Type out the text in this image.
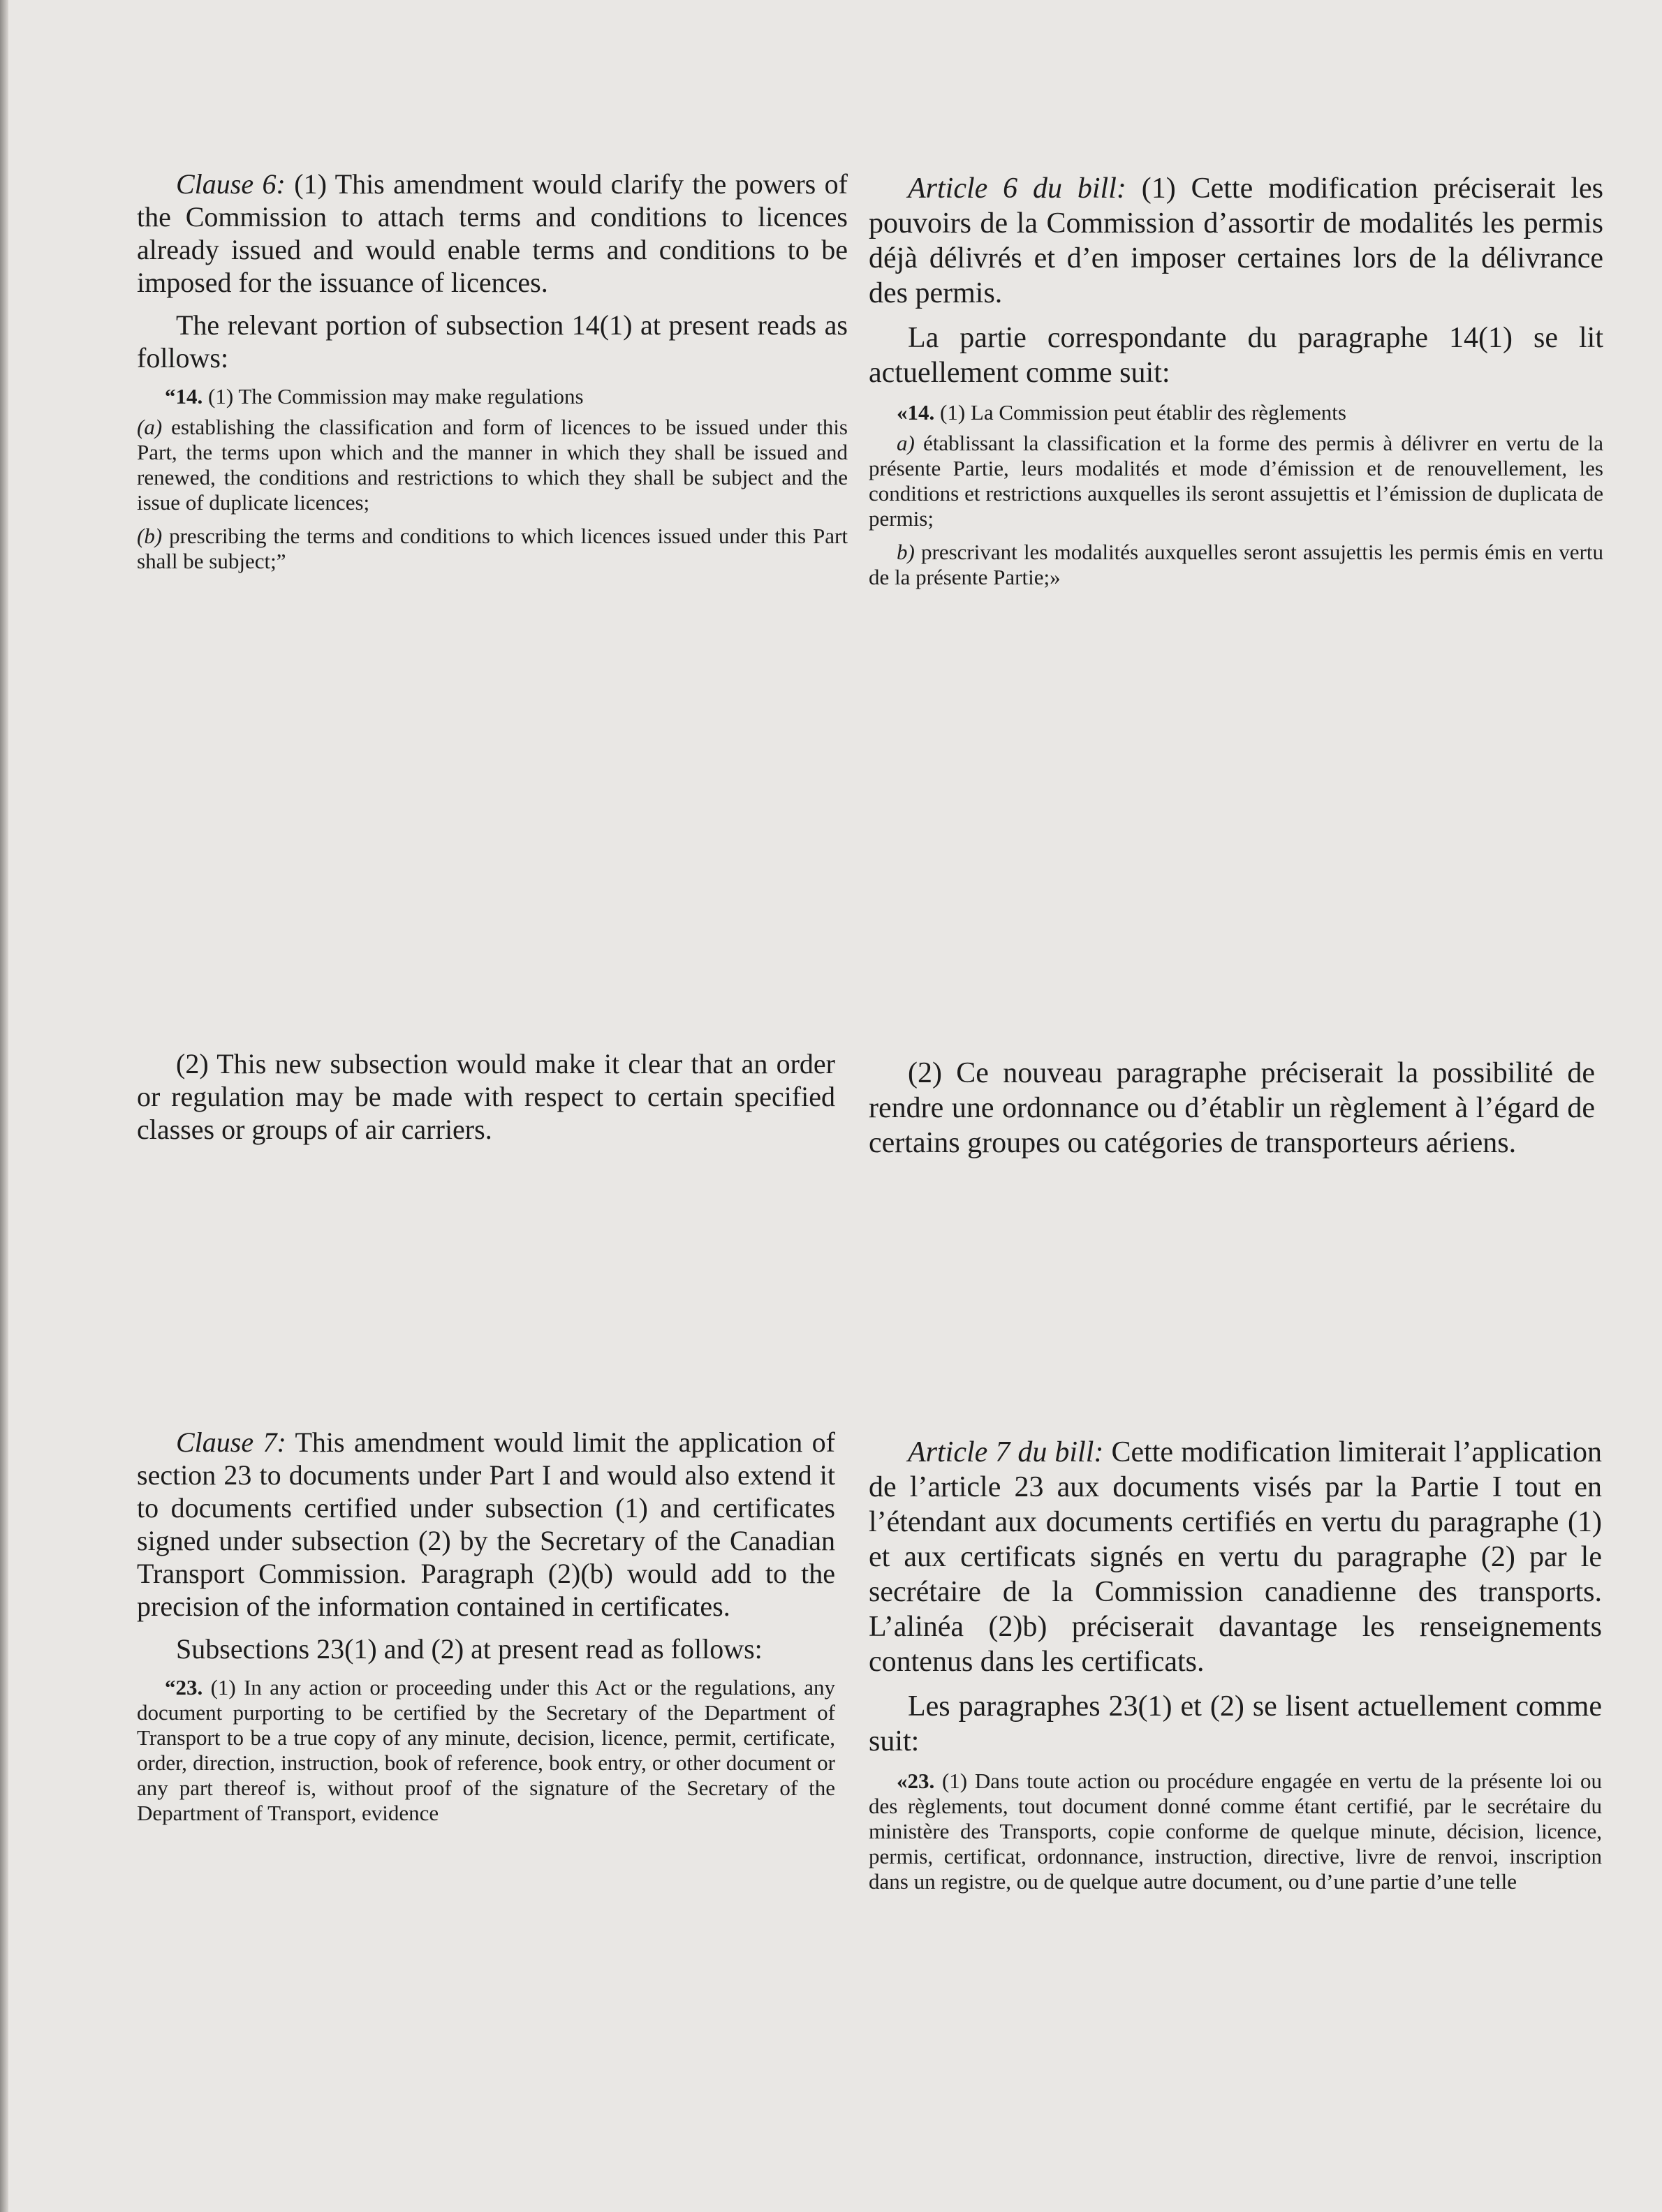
Clause 6: (1) This amendment would clarify the powers of the Commission to attach terms and conditions to licences already issued and would enable terms and conditions to be imposed for the issuance of licences.

The relevant portion of subsection 14(1) at present reads as follows:

“14. (1) The Commission may make regulations

(a) establishing the classification and form of licences to be issued under this Part, the terms upon which and the manner in which they shall be issued and renewed, the conditions and restrictions to which they shall be subject and the issue of duplicate licences;

(b) prescribing the terms and conditions to which licences issued under this Part shall be subject;”

Article 6 du bill: (1) Cette modification préciserait les pouvoirs de la Commission d’assortir de modalités les permis déjà délivrés et d’en imposer certaines lors de la délivrance des permis.

La partie correspondante du paragraphe 14(1) se lit actuellement comme suit:

«14. (1) La Commission peut établir des règlements

a) établissant la classification et la forme des permis à délivrer en vertu de la présente Partie, leurs modalités et mode d’émission et de renouvellement, les conditions et restrictions auxquelles ils seront assujettis et l’émission de duplicata de permis;

b) prescrivant les modalités auxquelles seront assujettis les permis émis en vertu de la présente Partie;»

(2) This new subsection would make it clear that an order or regulation may be made with respect to certain specified classes or groups of air carriers.

(2) Ce nouveau paragraphe préciserait la possibilité de rendre une ordonnance ou d’établir un règlement à l’égard de certains groupes ou catégories de transporteurs aériens.

Clause 7: This amendment would limit the application of section 23 to documents under Part I and would also extend it to documents certified under subsection (1) and certificates signed under subsection (2) by the Secretary of the Canadian Transport Commission. Paragraph (2)(b) would add to the precision of the information contained in certificates.

Subsections 23(1) and (2) at present read as follows:

“23. (1) In any action or proceeding under this Act or the regulations, any document purporting to be certified by the Secretary of the Department of Transport to be a true copy of any minute, decision, licence, permit, certificate, order, direction, instruction, book of reference, book entry, or other document or any part thereof is, without proof of the signature of the Secretary of the Department of Transport, evidence

Article 7 du bill: Cette modification limiterait l’application de l’article 23 aux documents visés par la Partie I tout en l’étendant aux documents certifiés en vertu du paragraphe (1) et aux certificats signés en vertu du paragraphe (2) par le secrétaire de la Commission canadienne des transports. L’alinéa (2)b) préciserait davantage les renseignements contenus dans les certificats.

Les paragraphes 23(1) et (2) se lisent actuellement comme suit:

«23. (1) Dans toute action ou procédure engagée en vertu de la présente loi ou des règlements, tout document donné comme étant certifié, par le secrétaire du ministère des Transports, copie conforme de quelque minute, décision, licence, permis, certificat, ordonnance, instruction, directive, livre de renvoi, inscription dans un registre, ou de quelque autre document, ou d’une partie d’une telle
